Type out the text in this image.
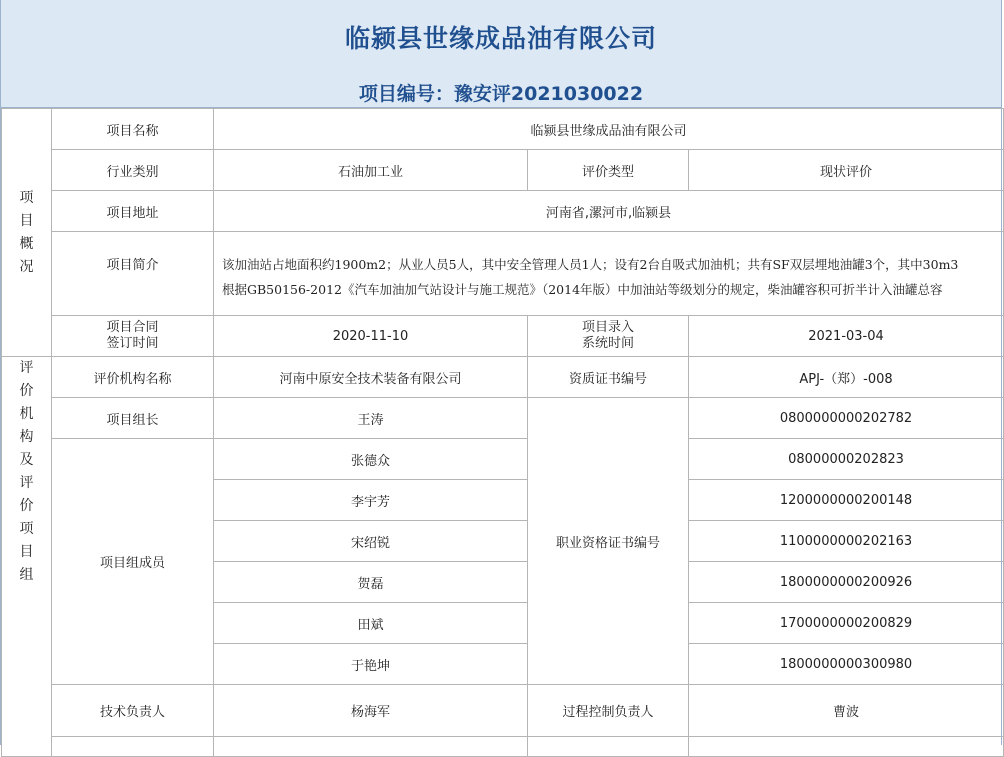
临颍县世缘成品油有限公司
项目编号：豫安评2021030022
项目概况	项目名称	临颍县世缘成品油有限公司		
	行业类别	石油加工业	评价类型	现状评价
	项目地址	河南省,漯河市,临颍县		

	项目简介	该加油站占地面积约1900m2；从业人员5人，其中安全管理人员1人；设有2台自吸式加油机；共有SF双层埋地油罐3个，其中30m3
根据GB50156-2012《汽车加油加气站设计与施工规范》（2014年版）中加油站等级划分的规定，柴油罐容积可折半计入油罐总容		

	项目合同签订时间	2020-11-10	项目录入系统时间	2021-03-04
评价机构及评价项目组	评价机构名称	河南中原安全技术装备有限公司	资质证书编号	APJ-（郑）-008
	项目组长	王涛	职业资格证书编号	0800000000202782
	项目组成员	张德众		08000000202823
		李宇芳		1200000000200148
		宋绍锐		1100000000202163
		贺磊		1800000000200926
		田斌		1700000000200829
		于艳坤		1800000000300980
	技术负责人	杨海军	过程控制负责人	曹波
